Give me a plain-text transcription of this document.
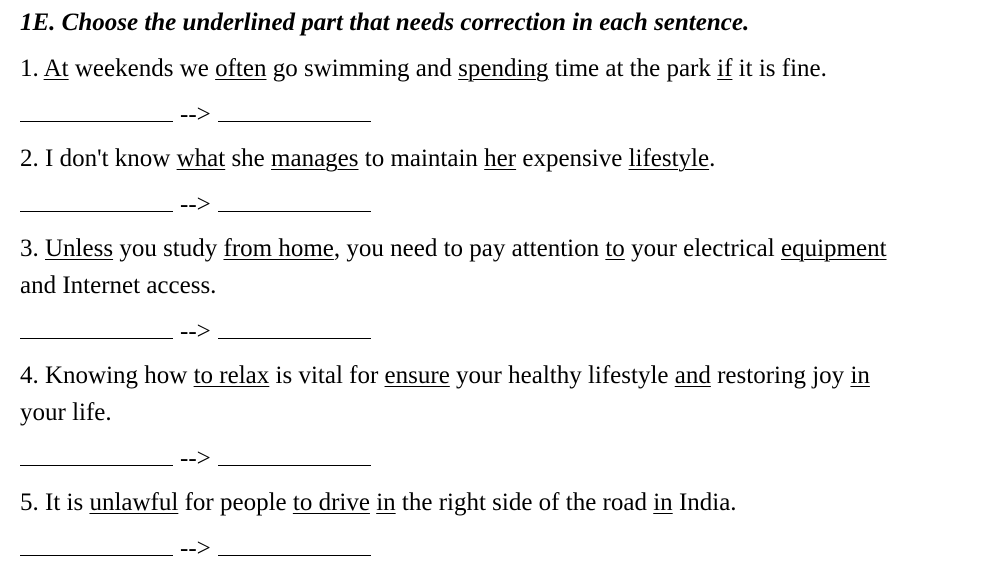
1E. Choose the underlined part that needs correction in each sentence.
1. At weekends we often go swimming and spending time at the park if it is fine.
-->
2. I don't know what she manages to maintain her expensive lifestyle.
-->
3. Unless you study from home, you need to pay attention to your electrical equipment
and Internet access.
-->
4. Knowing how to relax is vital for ensure your healthy lifestyle and restoring joy in
your life.
-->
5. It is unlawful for people to drive in the right side of the road in India.
-->
